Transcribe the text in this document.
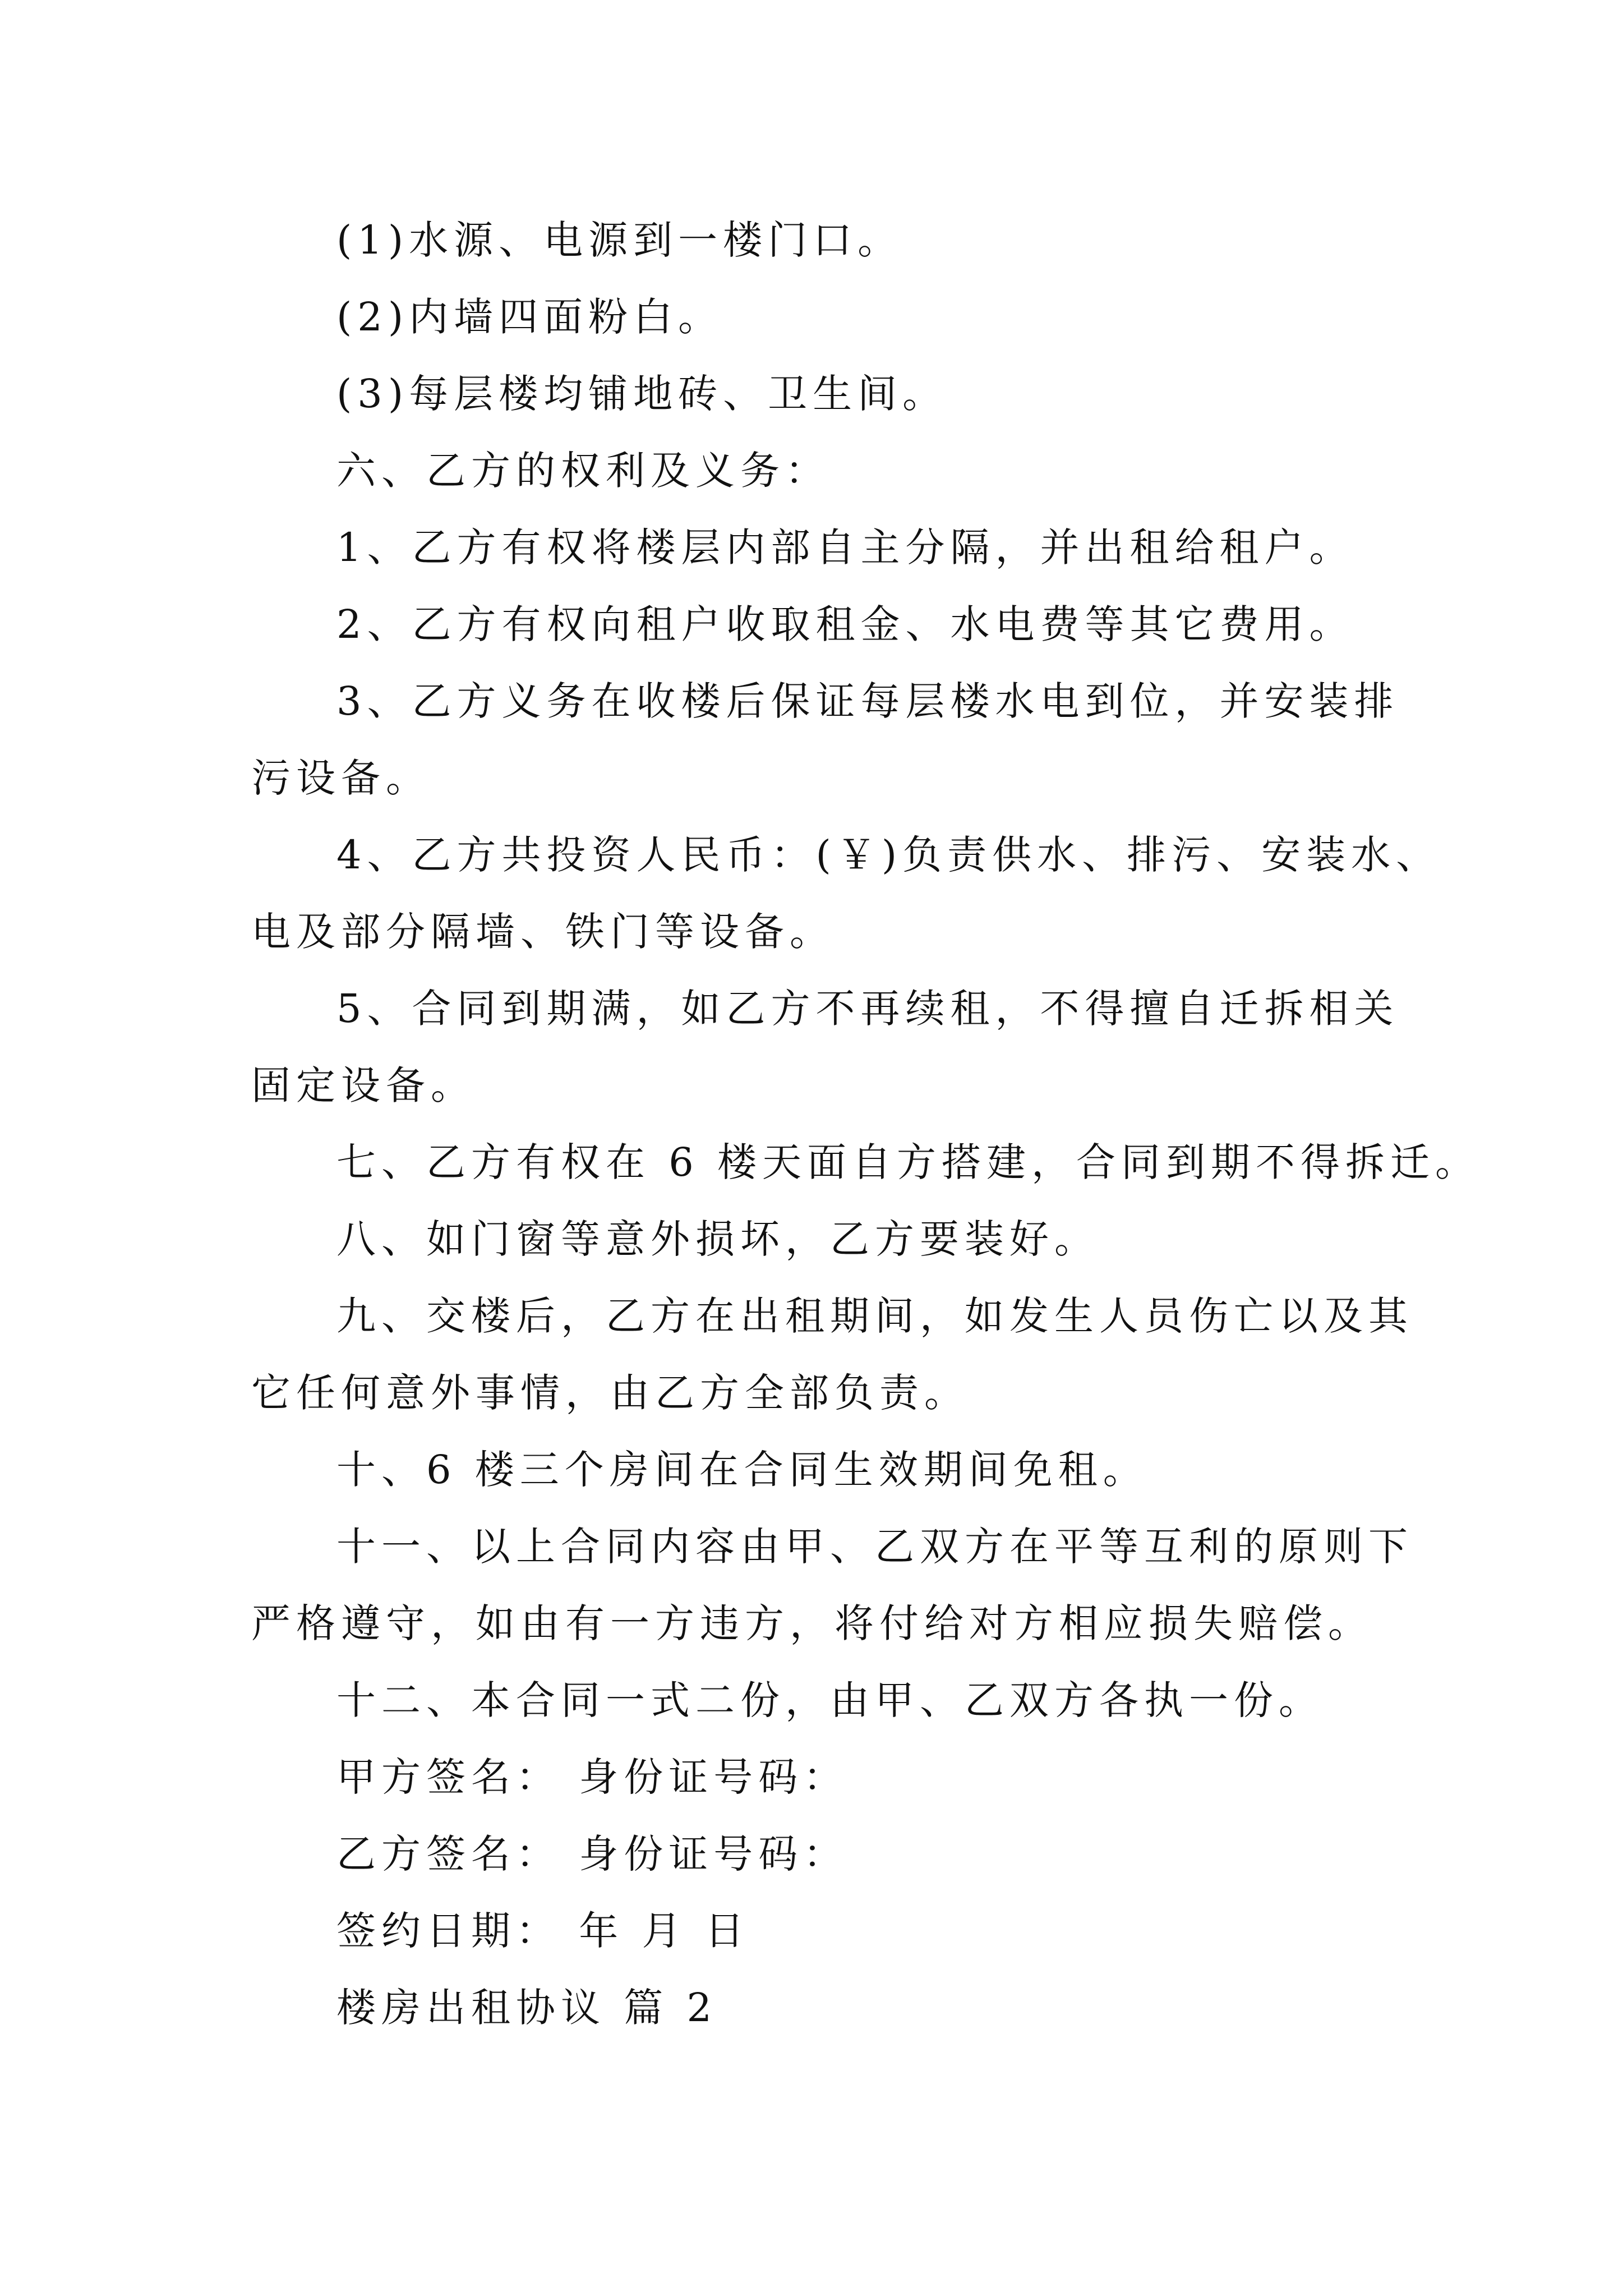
(1)水源、电源到一楼门口。

(2)内墙四面粉白。

(3)每层楼均铺地砖、卫生间。

六、乙方的权利及义务：

1、乙方有权将楼层内部自主分隔，并出租给租户。

2、乙方有权向租户收取租金、水电费等其它费用。

3、乙方义务在收楼后保证每层楼水电到位，并安装排

污设备。

4、乙方共投资人民币：(￥)负责供水、排污、安装水、

电及部分隔墙、铁门等设备。

5、合同到期满，如乙方不再续租，不得擅自迁拆相关

固定设备。

七、乙方有权在 6 楼天面自方搭建，合同到期不得拆迁。

八、如门窗等意外损坏，乙方要装好。

九、交楼后，乙方在出租期间，如发生人员伤亡以及其

它任何意外事情，由乙方全部负责。

十、6 楼三个房间在合同生效期间免租。

十一、以上合同内容由甲、乙双方在平等互利的原则下

严格遵守，如由有一方违方，将付给对方相应损失赔偿。

十二、本合同一式二份，由甲、乙双方各执一份。

甲方签名： 身份证号码：

乙方签名： 身份证号码：

签约日期： 年 月 日

楼房出租协议 篇 2
